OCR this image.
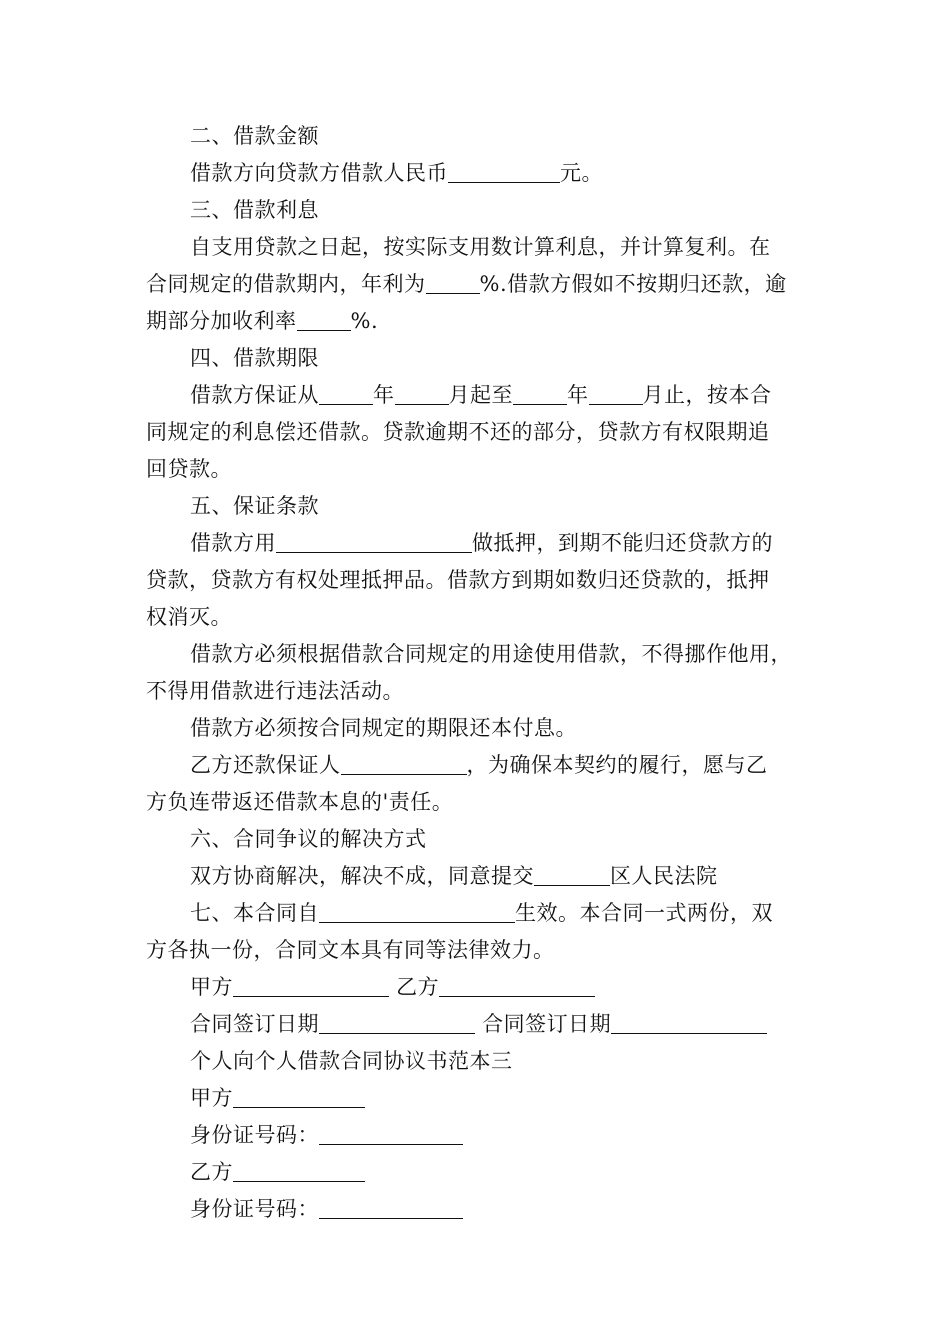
二、借款金额
借款方向贷款方借款人民币	元。
三、借款利息
自支用贷款之日起，按实际支用数计算利息，并计算复利。在
合同规定的借款期内，年利为	%.借款方假如不按期归还款，逾
期部分加收利率	%.
四、借款期限
借款方保证从	年	月起至	年	月止，按本合
同规定的利息偿还借款。贷款逾期不还的部分，贷款方有权限期追
回贷款。
五、保证条款
借款方用	做抵押，到期不能归还贷款方的
贷款，贷款方有权处理抵押品。借款方到期如数归还贷款的，抵押
权消灭。
借款方必须根据借款合同规定的用途使用借款，不得挪作他用，
不得用借款进行违法活动。
借款方必须按合同规定的期限还本付息。
乙方还款保证人	，为确保本契约的履行，愿与乙
方负连带返还借款本息的'责任。
六、合同争议的解决方式
双方协商解决，解决不成，同意提交	区人民法院
七、本合同自	生效。本合同一式两份，双
方各执一份，合同文本具有同等法律效力。
甲方	乙方
合同签订日期	合同签订日期
个人向个人借款合同协议书范本三
甲方
身份证号码：
乙方
身份证号码：
